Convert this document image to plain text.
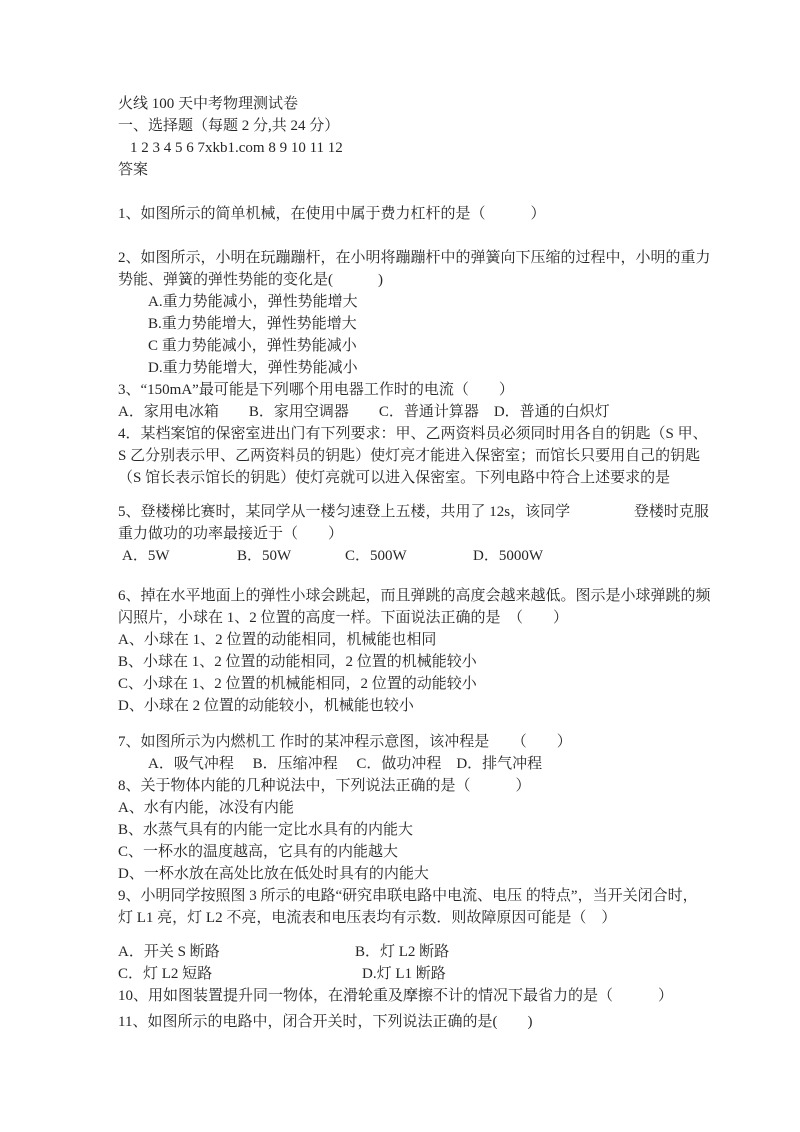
火线 100 天中考物理测试卷
一、选择题（每题 2 分,共 24 分）
1 2 3 4 5 6 7xkb1.com 8 9 10 11 12
答案
1、如图所示的简单机械，在使用中属于费力杠杆的是（　　　）
2、如图所示，小明在玩蹦蹦杆，在小明将蹦蹦杆中的弹簧向下压缩的过程中，小明的重力
势能、弹簧的弹性势能的变化是(　　　)
A.重力势能减小，弹性势能增大
B.重力势能增大，弹性势能增大
C 重力势能减小，弹性势能减小
D.重力势能增大，弹性势能减小
3、“150mA”最可能是下列哪个用电器工作时的电流（　　）
A．家用电冰箱　　B．家用空调器　　C．普通计算器　D．普通的白炽灯
4．某档案馆的保密室进出门有下列要求：甲、乙两资料员必须同时用各自的钥匙（S 甲、
S 乙分别表示甲、乙两资料员的钥匙）使灯亮才能进入保密室；而馆长只要用自己的钥匙
（S 馆长表示馆长的钥匙）使灯亮就可以进入保密室。下列电路中符合上述要求的是
5、登楼梯比赛时，某同学从一楼匀速登上五楼，共用了 12s，该同学　　　　 登楼时克服
重力做功的功率最接近于（　　）
A．5W	B．50W	C．500W	D．5000W
6、掉在水平地面上的弹性小球会跳起，而且弹跳的高度会越来越低。图示是小球弹跳的频
闪照片，小球在 1、2 位置的高度一样。下面说法正确的是　（　　）
A、小球在 1、2 位置的动能相同，机械能也相同
B、小球在 1、2 位置的动能相同，2 位置的机械能较小
C、小球在 1、2 位置的机械能相同，2 位置的动能较小
D、小球在 2 位置的动能较小，机械能也较小
7、如图所示为内燃机工 作时的某冲程示意图，该冲程是　　（　　）
A．吸气冲程　 B．压缩冲程　 C．做功冲程　D．排气冲程
8、关于物体内能的几种说法中，下列说法正确的是（　　　）
A、水有内能，冰没有内能
B、水蒸气具有的内能一定比水具有的内能大
C、一杯水的温度越高，它具有的内能越大
D、一杯水放在高处比放在低处时具有的内能大
9、小明同学按照图 3 所示的电路“研究串联电路中电流、电压 的特点”，当开关闭合时，
灯 L1 亮，灯 L2 不亮，电流表和电压表均有示数．则故障原因可能是（　）
A．开关 S 断路	B．灯 L2 断路
C．灯 L2 短路	D.灯 L1 断路
10、用如图装置提升同一物体，在滑轮重及摩擦不计的情况下最省力的是（　　　）
11、如图所示的电路中，闭合开关时，下列说法正确的是(　　)
